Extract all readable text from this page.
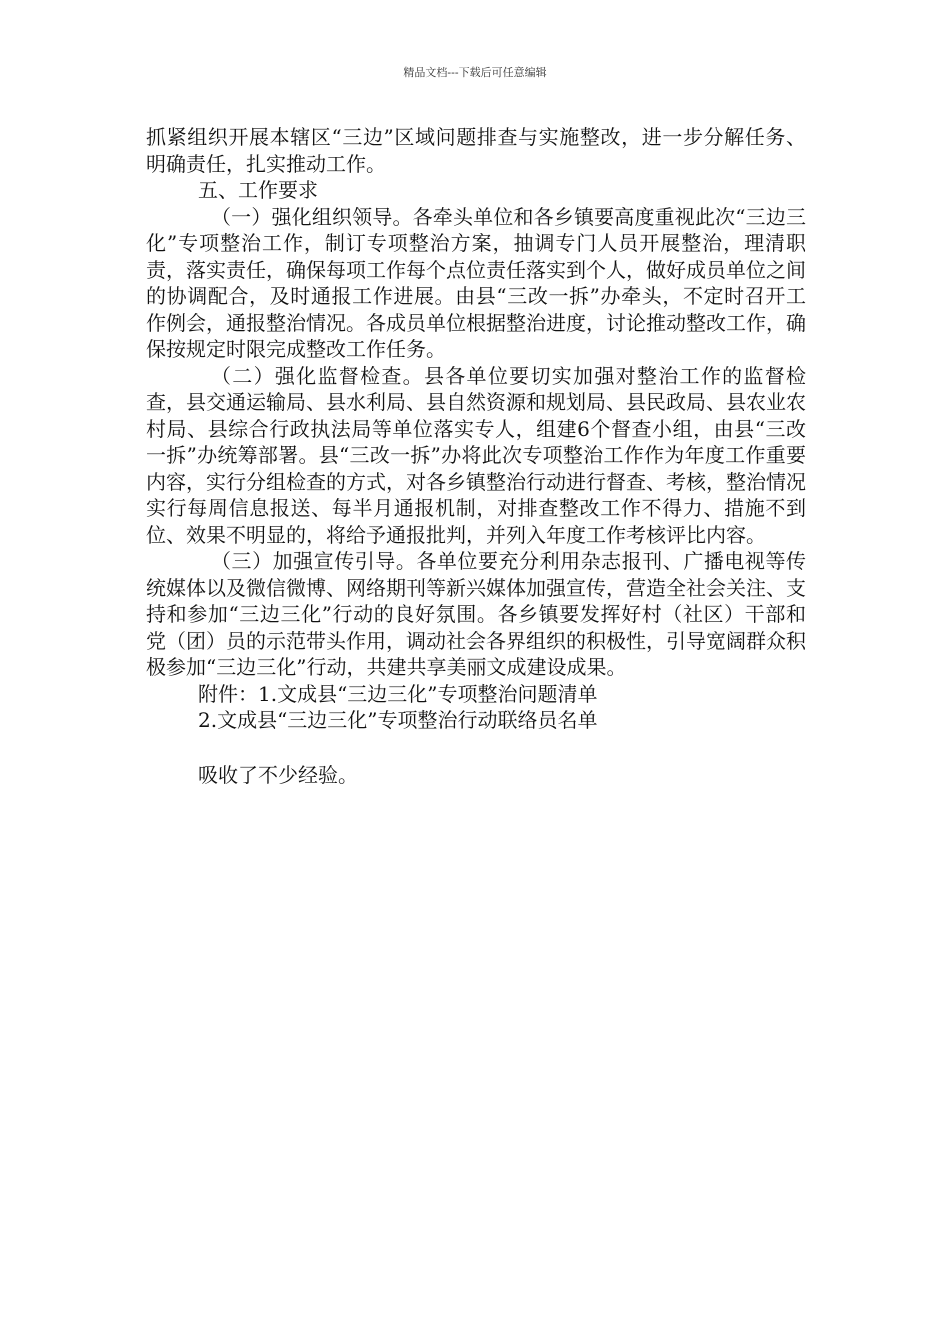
精品文档---下载后可任意编辑

抓紧组织开展本辖区“三边”区域问题排查与实施整改，进一步分解任务、明确责任，扎实推动工作。

五、工作要求

（一）强化组织领导。各牵头单位和各乡镇要高度重视此次“三边三化”专项整治工作，制订专项整治方案，抽调专门人员开展整治，理清职责，落实责任，确保每项工作每个点位责任落实到个人，做好成员单位之间的协调配合，及时通报工作进展。由县“三改一拆”办牵头，不定时召开工作例会，通报整治情况。各成员单位根据整治进度，讨论推动整改工作，确保按规定时限完成整改工作任务。

（二）强化监督检查。县各单位要切实加强对整治工作的监督检查，县交通运输局、县水利局、县自然资源和规划局、县民政局、县农业农村局、县综合行政执法局等单位落实专人，组建6个督查小组，由县“三改一拆”办统筹部署。县“三改一拆”办将此次专项整治工作作为年度工作重要内容，实行分组检查的方式，对各乡镇整治行动进行督查、考核，整治情况实行每周信息报送、每半月通报机制，对排查整改工作不得力、措施不到位、效果不明显的，将给予通报批判，并列入年度工作考核评比内容。

（三）加强宣传引导。各单位要充分利用杂志报刊、广播电视等传统媒体以及微信微博、网络期刊等新兴媒体加强宣传，营造全社会关注、支持和参加“三边三化”行动的良好氛围。各乡镇要发挥好村（社区）干部和党（团）员的示范带头作用，调动社会各界组织的积极性，引导宽阔群众积极参加“三边三化”行动，共建共享美丽文成建设成果。

附件：1.文成县“三边三化”专项整治问题清单

2.文成县“三边三化”专项整治行动联络员名单

吸收了不少经验。
